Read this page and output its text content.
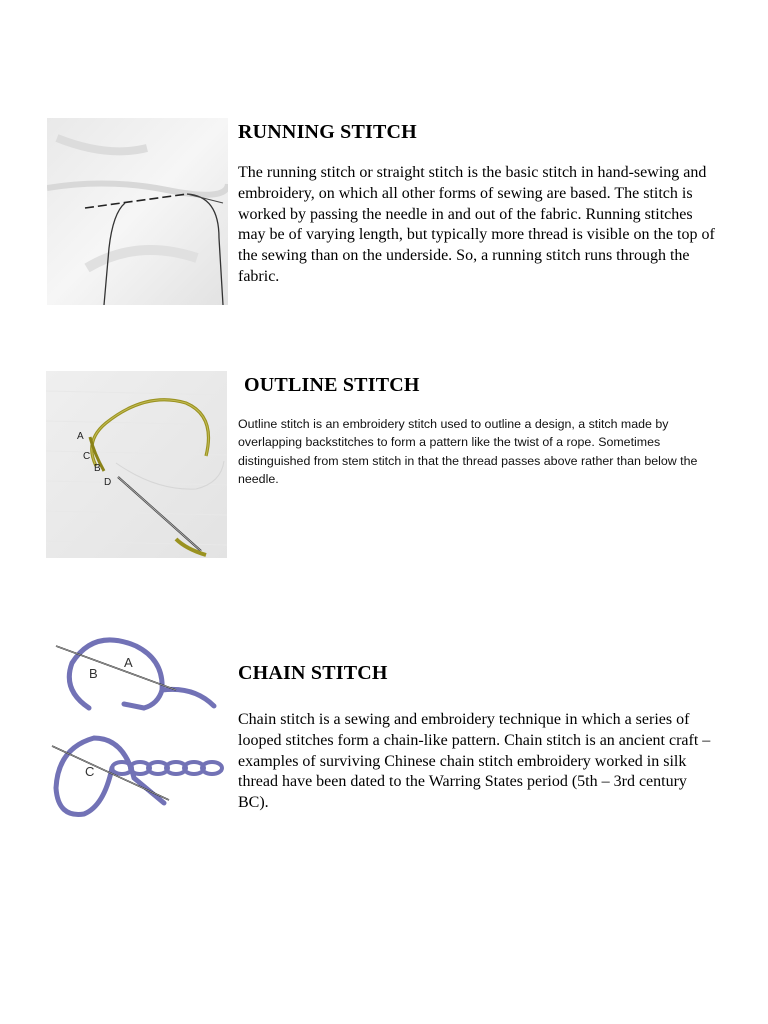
RUNNING STITCH

The running stitch or straight stitch is the basic stitch in hand-sewing and embroidery, on which all other forms of sewing are based. The stitch is worked by passing the needle in and out of the fabric. Running stitches may be of varying length, but typically more thread is visible on the top of the sewing than on the underside. So, a running stitch runs through the fabric.

A
C
B
D
OUTLINE STITCH

Outline stitch is an embroidery stitch used to outline a design, a stitch made by overlapping backstitches to form a pattern like the twist of a rope. Sometimes distinguished from stem stitch in that the thread passes above rather than below the needle.

B
A
C
CHAIN STITCH

Chain stitch is a sewing and embroidery technique in which a series of looped stitches form a chain-like pattern. Chain stitch is an ancient craft – examples of surviving Chinese chain stitch embroidery worked in silk thread have been dated to the Warring States period (5th – 3rd century BC).
